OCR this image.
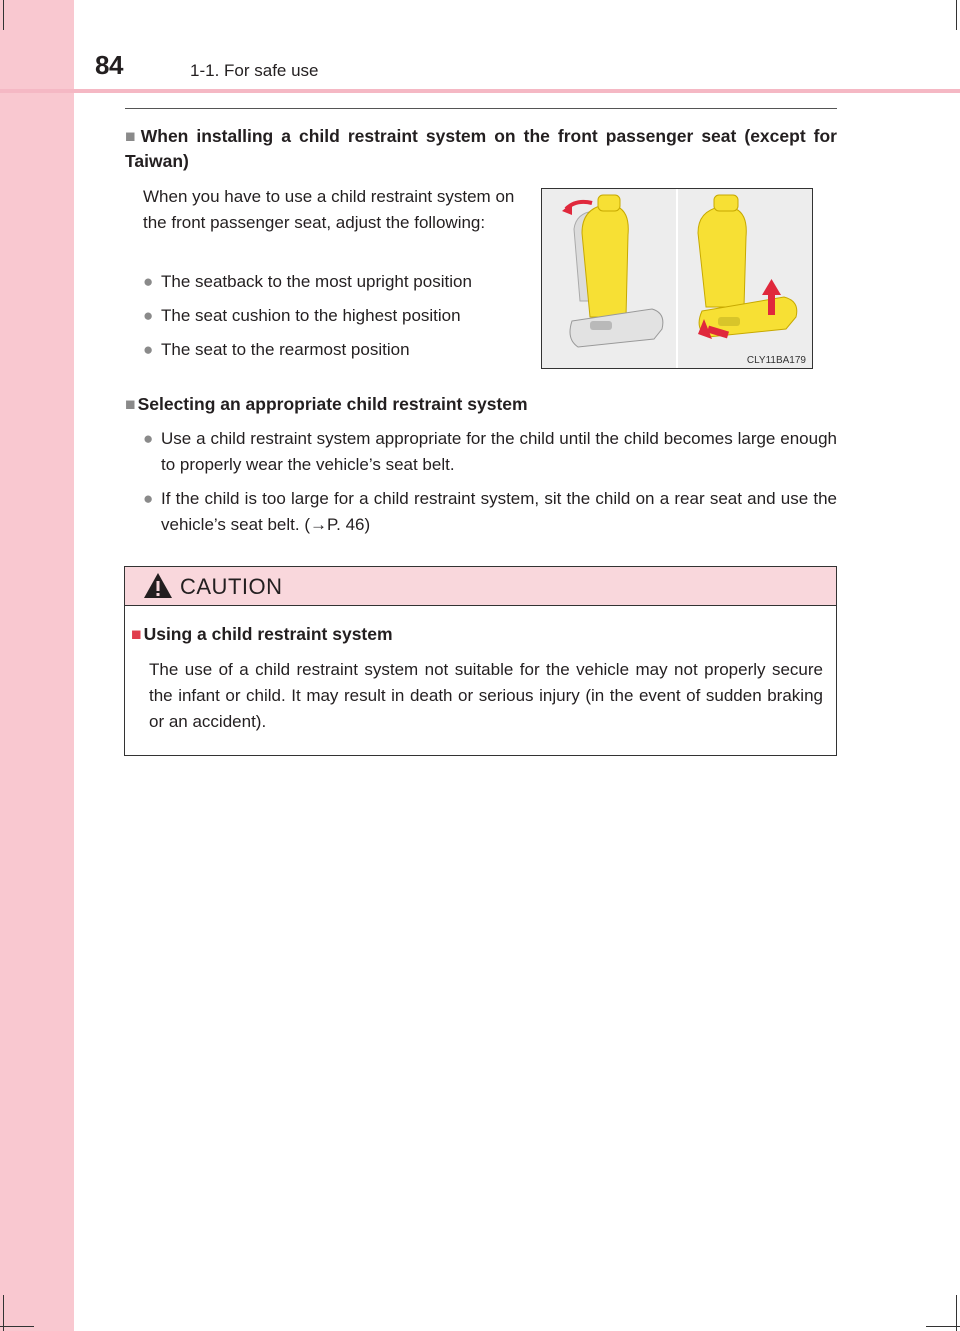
84	1-1. For safe use
■ When installing a child restraint system on the front passenger seat (except for Taiwan)
When you have to use a child restraint system on the front passenger seat, adjust the following:
● The seatback to the most upright position
● The seat cushion to the highest position
● The seat to the rearmost position
CLY11BA179
■ Selecting an appropriate child restraint system
● Use a child restraint system appropriate for the child until the child becomes large enough to properly wear the vehicle’s seat belt.
● If the child is too large for a child restraint system, sit the child on a rear seat and use the vehicle’s seat belt. (→P. 46)
CAUTION
■ Using a child restraint system
The use of a child restraint system not suitable for the vehicle may not properly secure the infant or child. It may result in death or serious injury (in the event of sudden braking or an accident).
